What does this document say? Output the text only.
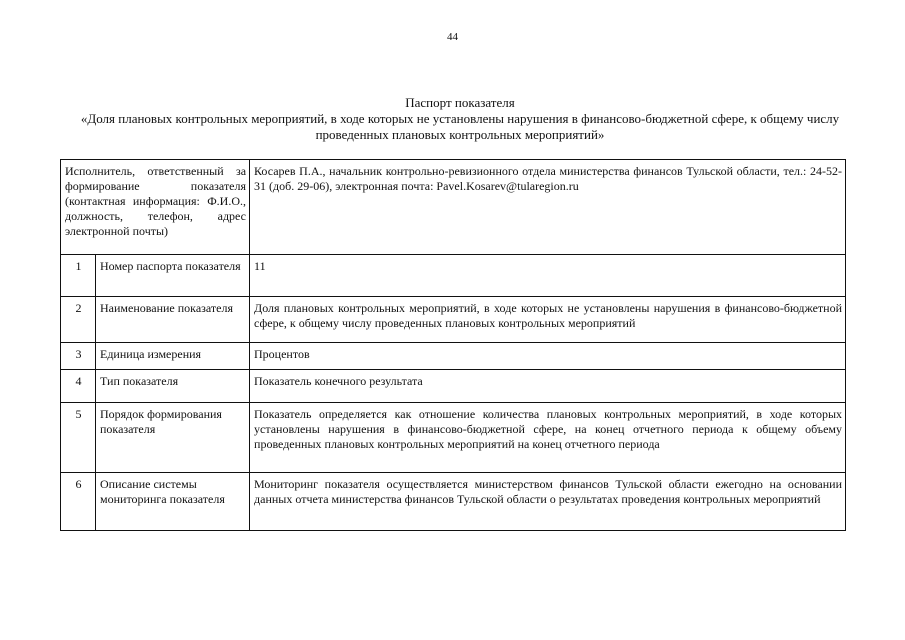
44
Паспорт показателя
«Доля плановых контрольных мероприятий, в ходе которых не установлены нарушения в финансово-бюджетной сфере, к общему числу проведенных плановых контрольных мероприятий»
Исполнитель, ответственный за формирование показателя (контактная информация: Ф.И.О., должность, телефон, адрес электронной почты)		Косарев П.А., начальник контрольно-ревизионного отдела министерства финансов Тульской области, тел.: 24-52-31 (доб. 29-06), электронная почта: Pavel.Kosarev@tularegion.ru
1	Номер паспорта показателя	11
2	Наименование показателя	Доля плановых контрольных мероприятий, в ходе которых не установлены нарушения в финансово-бюджетной сфере, к общему числу проведенных плановых контрольных мероприятий
3	Единица измерения	Процентов
4	Тип показателя	Показатель конечного результата
5	Порядок формирования показателя	Показатель определяется как отношение количества плановых контрольных мероприятий, в ходе которых установлены нарушения в финансово-бюджетной сфере, на конец отчетного периода к общему объему проведенных плановых контрольных мероприятий на конец отчетного периода
6	Описание системы мониторинга показателя	Мониторинг показателя осуществляется министерством финансов Тульской области ежегодно на основании данных отчета министерства финансов Тульской области о результатах проведения контрольных мероприятий
